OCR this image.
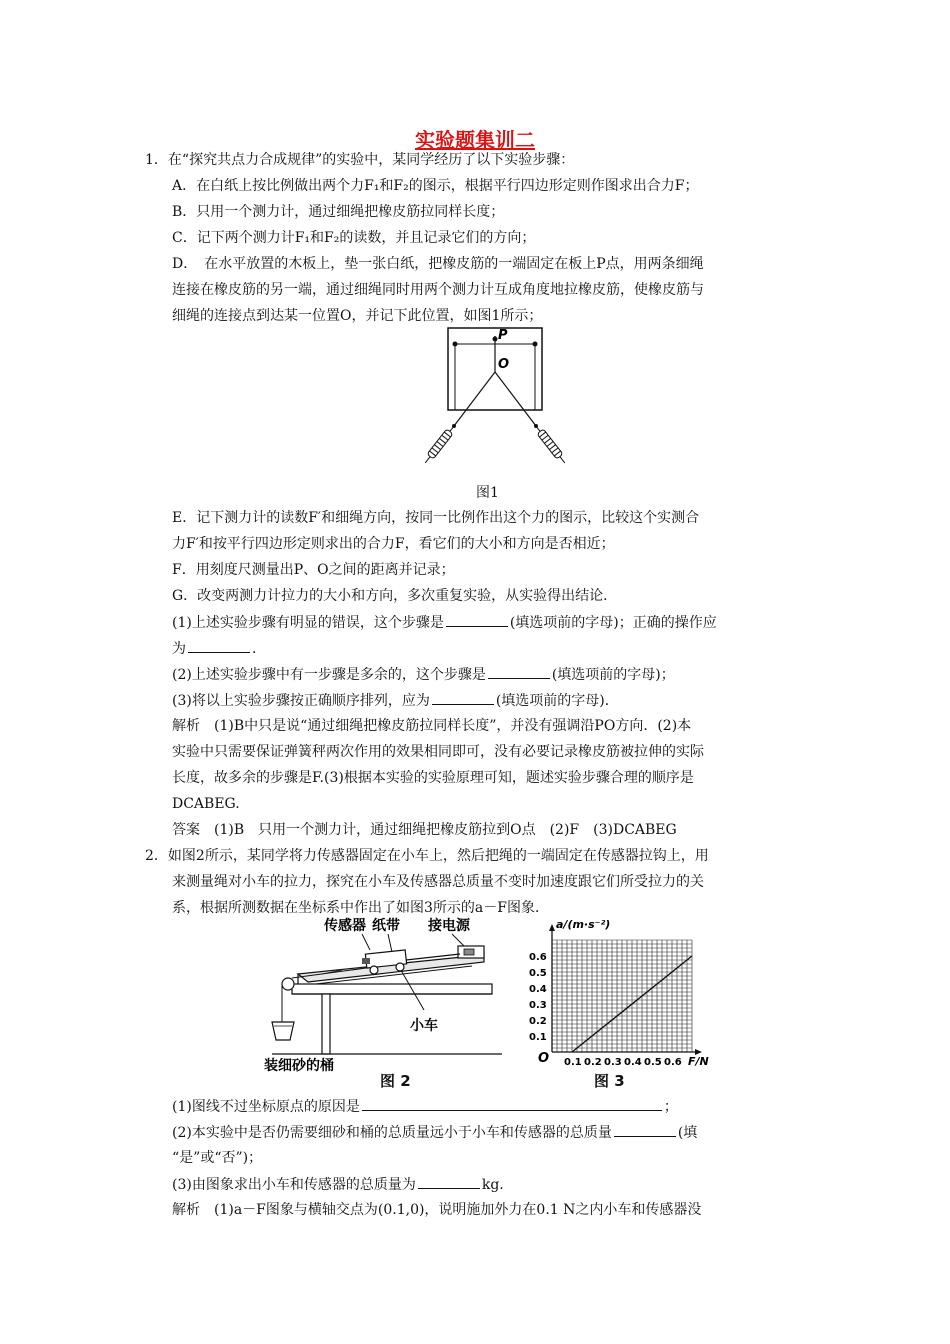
实验题集训二
1．在“探究共点力合成规律”的实验中，某同学经历了以下实验步骤：
A．在白纸上按比例做出两个力F₁和F₂的图示，根据平行四边形定则作图求出合力F；
B．只用一个测力计，通过细绳把橡皮筋拉同样长度；
C．记下两个测力计F₁和F₂的读数，并且记录它们的方向；
D．　在水平放置的木板上，垫一张白纸，把橡皮筋的一端固定在板上P点，用两条细绳
连接在橡皮筋的另一端，通过细绳同时用两个测力计互成角度地拉橡皮筋，使橡皮筋与
细绳的连接点到达某一位置O，并记下此位置，如图1所示；
P
O
图1
E．记下测力计的读数F′和细绳方向，按同一比例作出这个力的图示，比较这个实测合
力F′和按平行四边形定则求出的合力F，看它们的大小和方向是否相近；
F．用刻度尺测量出P、O之间的距离并记录；
G．改变两测力计拉力的大小和方向，多次重复实验，从实验得出结论．
(1)上述实验步骤有明显的错误，这个步骤是	(填选项前的字母)；正确的操作应
为	．
(2)上述实验步骤中有一步骤是多余的，这个步骤是	(填选项前的字母)；
(3)将以上实验步骤按正确顺序排列，应为	(填选项前的字母)．
解析　(1)B中只是说“通过细绳把橡皮筋拉同样长度”，并没有强调沿PO方向．(2)本
实验中只需要保证弹簧秤两次作用的效果相同即可，没有必要记录橡皮筋被拉伸的实际
长度，故多余的步骤是F.(3)根据本实验的实验原理可知，题述实验步骤合理的顺序是
DCABEG.
答案　(1)B　只用一个测力计，通过细绳把橡皮筋拉到O点　(2)F　(3)DCABEG
2．如图2所示，某同学将力传感器固定在小车上，然后把绳的一端固定在传感器拉钩上，用
来测量绳对小车的拉力，探究在小车及传感器总质量不变时加速度跟它们所受拉力的关
系，根据所测数据在坐标系中作出了如图3所示的a－F图象．
传感器 纸带 接电源
小车
装细砂的桶
图 2
a/(m·s⁻²)
F/N
O 0.1 0.2 0.3 0.4 0.5 0.6
0.1
0.2
0.3
0.4
0.5
0.6
图 3
(1)图线不过坐标原点的原因是	；
(2)本实验中是否仍需要细砂和桶的总质量远小于小车和传感器的总质量	(填
“是”或“否”)；
(3)由图象求出小车和传感器的总质量为	kg.
解析　(1)a－F图象与横轴交点为(0.1,0)，说明施加外力在0.1 N之内小车和传感器没
